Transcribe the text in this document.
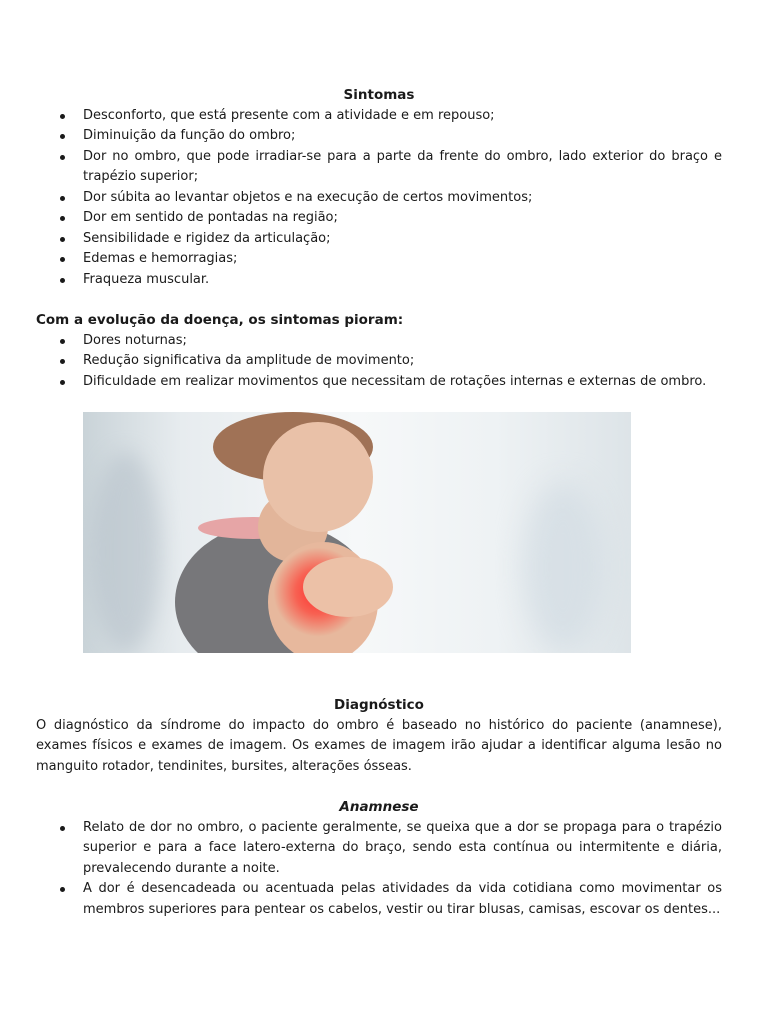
Sintomas
Desconforto, que está presente com a atividade e em repouso;
Diminuição da função do ombro;
Dor no ombro, que pode irradiar-se para a parte da frente do ombro, lado exterior do braço e trapézio superior;
Dor súbita ao levantar objetos e na execução de certos movimentos;
Dor em sentido de pontadas na região;
Sensibilidade e rigidez da articulação;
Edemas e hemorragias;
Fraqueza muscular.
Com a evolução da doença, os sintomas pioram:
Dores noturnas;
Redução significativa da amplitude de movimento;
Dificuldade em realizar movimentos que necessitam de rotações internas e externas de ombro.
Diagnóstico

O diagnóstico da síndrome do impacto do ombro é baseado no histórico do paciente (anamnese), exames físicos e exames de imagem. Os exames de imagem irão ajudar a identificar alguma lesão no manguito rotador, tendinites, bursites, alterações ósseas.

Anamnese
Relato de dor no ombro, o paciente geralmente, se queixa que a dor se propaga para o trapézio superior e para a face latero-externa do braço, sendo esta contínua ou intermitente e diária, prevalecendo durante a noite.
A dor é desencadeada ou acentuada pelas atividades da vida cotidiana como movimentar os membros superiores para pentear os cabelos, vestir ou tirar blusas, camisas, escovar os dentes...
